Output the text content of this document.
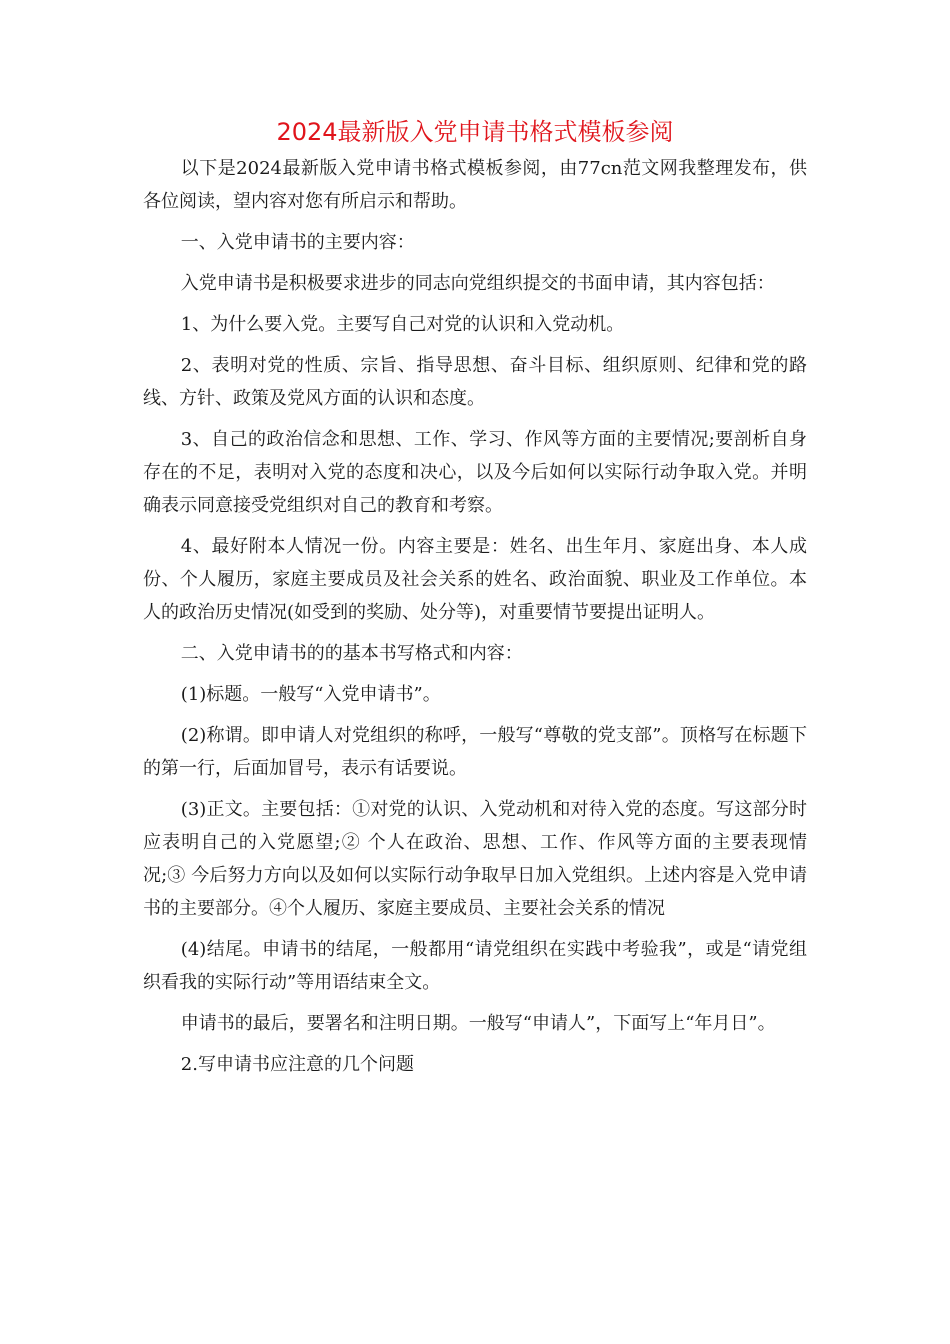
2024最新版入党申请书格式模板参阅

以下是2024最新版入党申请书格式模板参阅，由77cn范文网我整理发布，供各位阅读，望内容对您有所启示和帮助。

一、入党申请书的主要内容：

入党申请书是积极要求进步的同志向党组织提交的书面申请，其内容包括：

1、为什么要入党。主要写自己对党的认识和入党动机。

2、表明对党的性质、宗旨、指导思想、奋斗目标、组织原则、纪律和党的路线、方针、政策及党风方面的认识和态度。

3、自己的政治信念和思想、工作、学习、作风等方面的主要情况;要剖析自身存在的不足，表明对入党的态度和决心，以及今后如何以实际行动争取入党。并明确表示同意接受党组织对自己的教育和考察。

4、最好附本人情况一份。内容主要是：姓名、出生年月、家庭出身、本人成份、个人履历，家庭主要成员及社会关系的姓名、政治面貌、职业及工作单位。本人的政治历史情况(如受到的奖励、处分等)，对重要情节要提出证明人。

二、入党申请书的的基本书写格式和内容：

(1)标题。一般写“入党申请书”。

(2)称谓。即申请人对党组织的称呼，一般写“尊敬的党支部”。顶格写在标题下的第一行，后面加冒号，表示有话要说。

(3)正文。主要包括：①对党的认识、入党动机和对待入党的态度。写这部分时应表明自己的入党愿望;② 个人在政治、思想、工作、作风等方面的主要表现情况;③ 今后努力方向以及如何以实际行动争取早日加入党组织。上述内容是入党申请书的主要部分。④个人履历、家庭主要成员、主要社会关系的情况

(4)结尾。申请书的结尾，一般都用“请党组织在实践中考验我”，或是“请党组织看我的实际行动”等用语结束全文。

申请书的最后，要署名和注明日期。一般写“申请人”，下面写上“年月日”。

2.写申请书应注意的几个问题
